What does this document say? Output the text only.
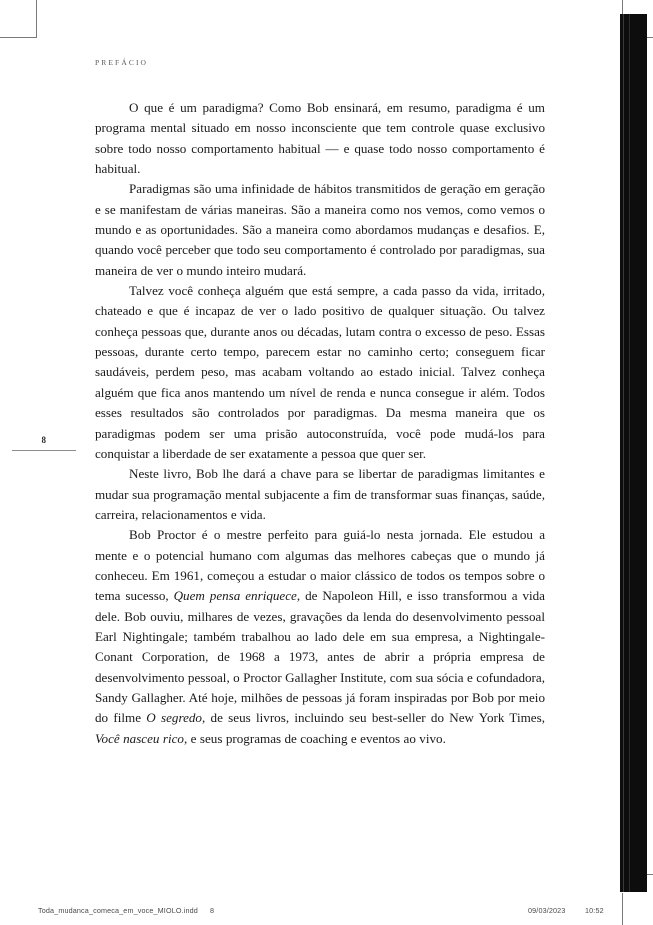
PREFÁCIO
8

O que é um paradigma? Como Bob ensinará, em resumo, paradigma é um programa mental situado em nosso inconsciente que tem controle quase exclusivo sobre todo nosso comportamento habitual — e quase todo nosso comportamento é habitual.

Paradigmas são uma infinidade de hábitos transmitidos de geração em geração e se manifestam de várias maneiras. São a maneira como nos vemos, como vemos o mundo e as oportunidades. São a maneira como abordamos mudanças e desafios. E, quando você perceber que todo seu comportamento é controlado por paradigmas, sua maneira de ver o mundo inteiro mudará.

Talvez você conheça alguém que está sempre, a cada passo da vida, irritado, chateado e que é incapaz de ver o lado positivo de qualquer situação. Ou talvez conheça pessoas que, durante anos ou décadas, lutam contra o excesso de peso. Essas pessoas, durante certo tempo, parecem estar no caminho certo; conseguem ficar saudáveis, perdem peso, mas acabam voltando ao estado inicial. Talvez conheça alguém que fica anos mantendo um nível de renda e nunca consegue ir além. Todos esses resultados são controlados por paradigmas. Da mesma maneira que os paradigmas podem ser uma prisão autoconstruída, você pode mudá-los para conquistar a liberdade de ser exatamente a pessoa que quer ser.

Neste livro, Bob lhe dará a chave para se libertar de paradigmas limitantes e mudar sua programação mental subjacente a fim de transformar suas finanças, saúde, carreira, relacionamentos e vida.

Bob Proctor é o mestre perfeito para guiá-lo nesta jornada. Ele estudou a mente e o potencial humano com algumas das melhores cabeças que o mundo já conheceu. Em 1961, começou a estudar o maior clássico de todos os tempos sobre o tema sucesso, Quem pensa enriquece, de Napoleon Hill, e isso transformou a vida dele. Bob ouviu, milhares de vezes, gravações da lenda do desenvolvimento pessoal Earl Nightingale; também trabalhou ao lado dele em sua empresa, a Nightingale-Conant Corporation, de 1968 a 1973, antes de abrir a própria empresa de desenvolvimento pessoal, o Proctor Gallagher Institute, com sua sócia e cofundadora, Sandy Gallagher. Até hoje, milhões de pessoas já foram inspiradas por Bob por meio do filme O segredo, de seus livros, incluindo seu best-seller do New York Times, Você nasceu rico, e seus programas de coaching e eventos ao vivo.

Toda_mudanca_comeca_em_voce_MIOLO.indd 8	09/03/2023	10:52
